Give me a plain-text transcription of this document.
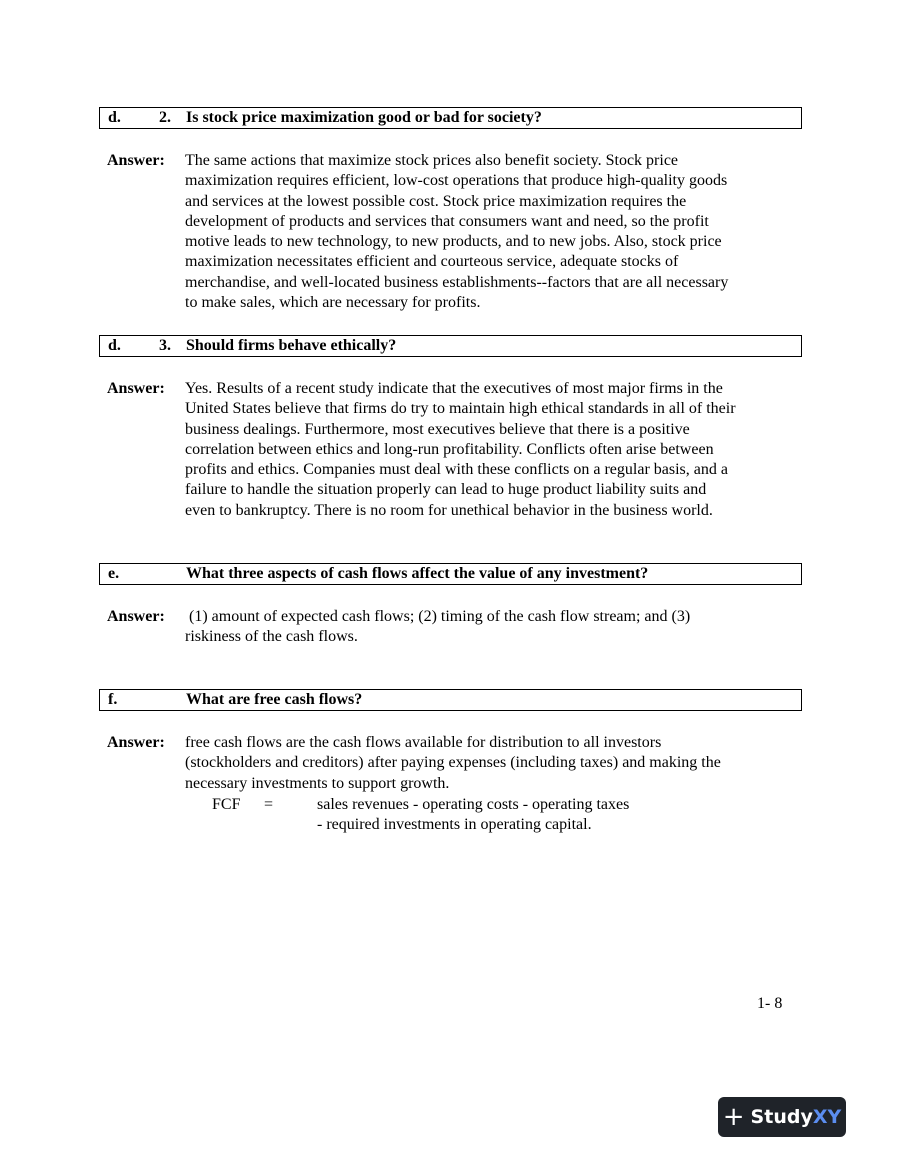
d. 2. Is stock price maximization good or bad for society?
Answer: The same actions that maximize stock prices also benefit society. Stock price

maximization requires efficient, low-cost operations that produce high-quality goods

and services at the lowest possible cost. Stock price maximization requires the

development of products and services that consumers want and need, so the profit

motive leads to new technology, to new products, and to new jobs. Also, stock price

maximization necessitates efficient and courteous service, adequate stocks of

merchandise, and well-located business establishments--factors that are all necessary

to make sales, which are necessary for profits.

d. 3. Should firms behave ethically?
Answer: Yes. Results of a recent study indicate that the executives of most major firms in the

United States believe that firms do try to maintain high ethical standards in all of their

business dealings. Furthermore, most executives believe that there is a positive

correlation between ethics and long-run profitability. Conflicts often arise between

profits and ethics. Companies must deal with these conflicts on a regular basis, and a

failure to handle the situation properly can lead to huge product liability suits and

even to bankruptcy. There is no room for unethical behavior in the business world.

e.	What three aspects of cash flows affect the value of any investment?
Answer: (1) amount of expected cash flows; (2) timing of the cash flow stream; and (3)

riskiness of the cash flows.

f.	What are free cash flows?
Answer: free cash flows are the cash flows available for distribution to all investors

(stockholders and creditors) after paying expenses (including taxes) and making the

necessary investments to support growth.

FCF =	sales revenues - operating costs - operating taxes
- required investments in operating capital.
1- 8
+ Study XY
